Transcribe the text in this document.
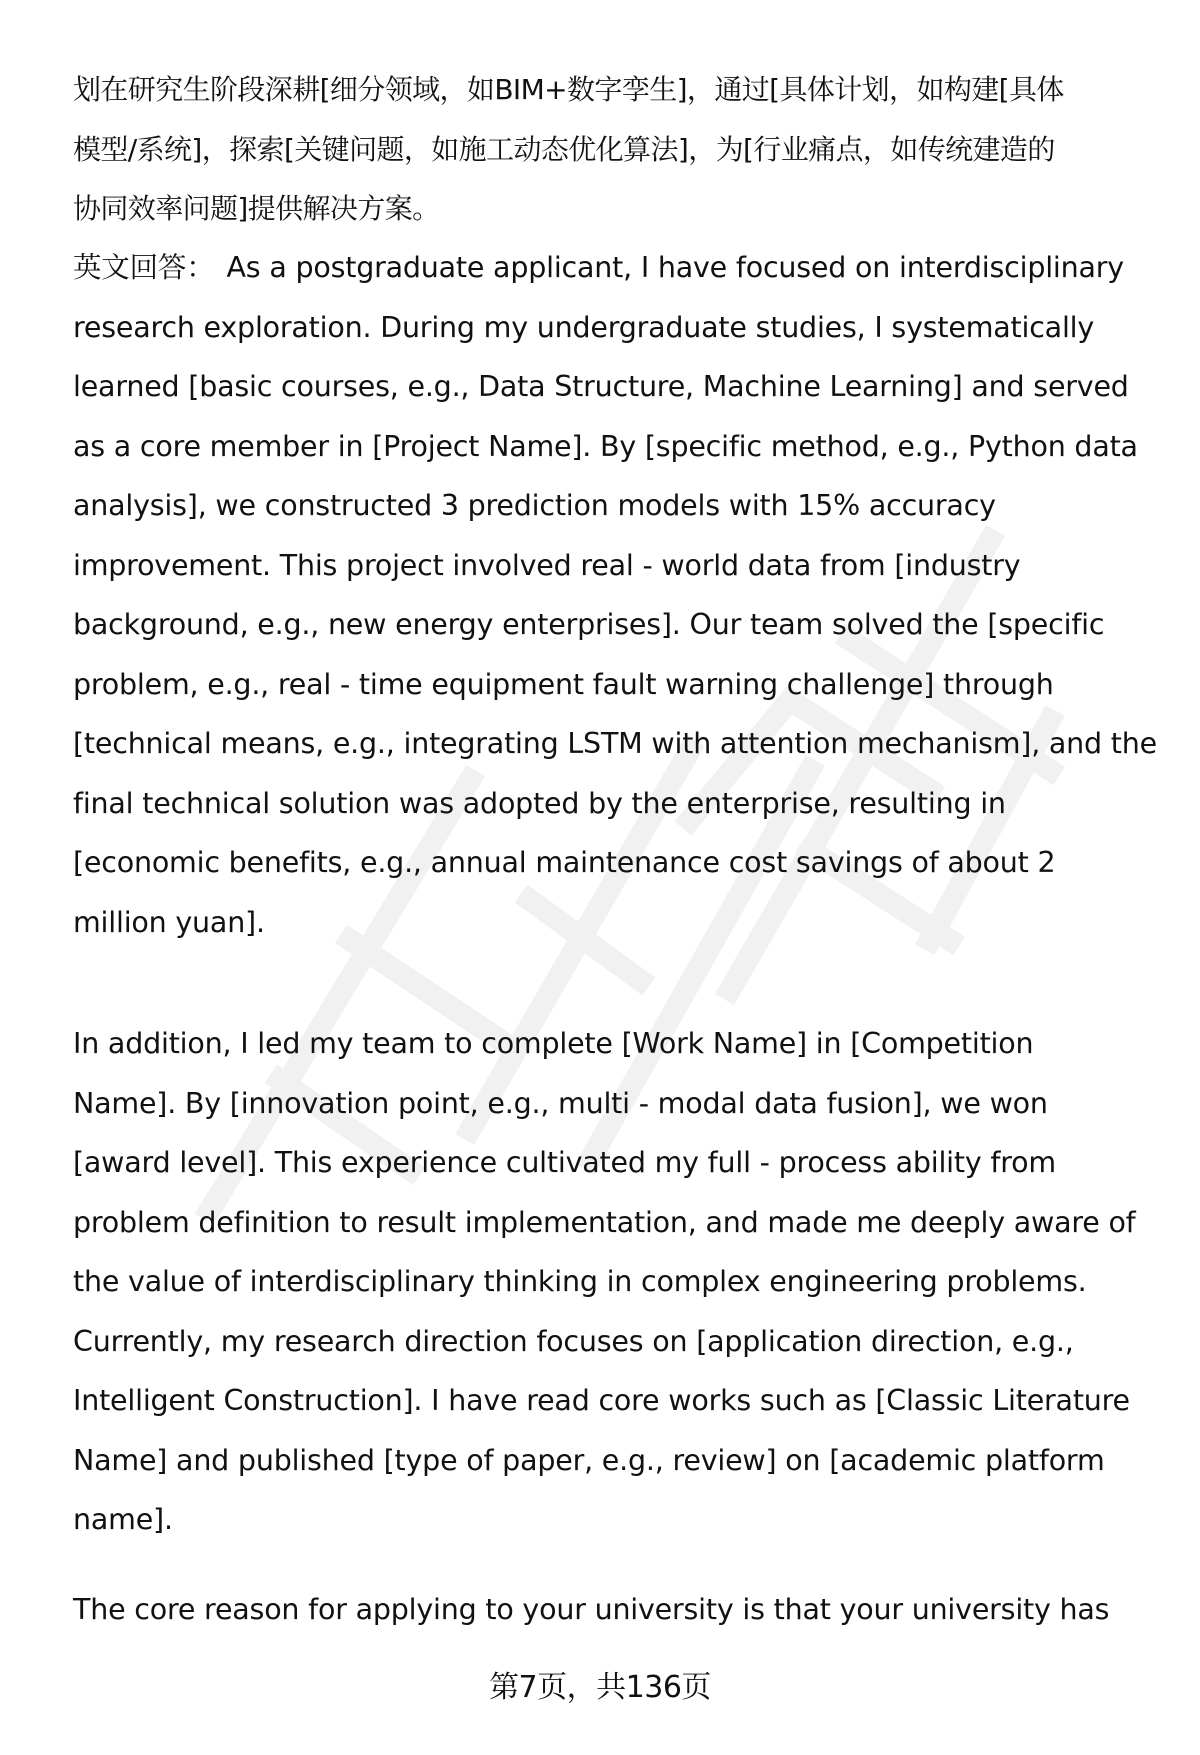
划在研究生阶段深耕[细分领域，如BIM+数字孪生]，通过[具体计划，如构建[具体
模型/系统]，探索[关键问题，如施工动态优化算法]，为[行业痛点，如传统建造的
协同效率问题]提供解决方案。

英文回答： As a postgraduate applicant, I have focused on interdisciplinary
research exploration. During my undergraduate studies, I systematically
learned [basic courses, e.g., Data Structure, Machine Learning] and served
as a core member in [Project Name]. By [specific method, e.g., Python data
analysis], we constructed 3 prediction models with 15% accuracy
improvement. This project involved real - world data from [industry
background, e.g., new energy enterprises]. Our team solved the [specific
problem, e.g., real - time equipment fault warning challenge] through
[technical means, e.g., integrating LSTM with attention mechanism], and the
final technical solution was adopted by the enterprise, resulting in
[economic benefits, e.g., annual maintenance cost savings of about 2
million yuan].

In addition, I led my team to complete [Work Name] in [Competition
Name]. By [innovation point, e.g., multi - modal data fusion], we won
[award level]. This experience cultivated my full - process ability from
problem definition to result implementation, and made me deeply aware of
the value of interdisciplinary thinking in complex engineering problems.
Currently, my research direction focuses on [application direction, e.g.,
Intelligent Construction]. I have read core works such as [Classic Literature
Name] and published [type of paper, e.g., review] on [academic platform
name].

The core reason for applying to your university is that your university has

第7页，共136页
